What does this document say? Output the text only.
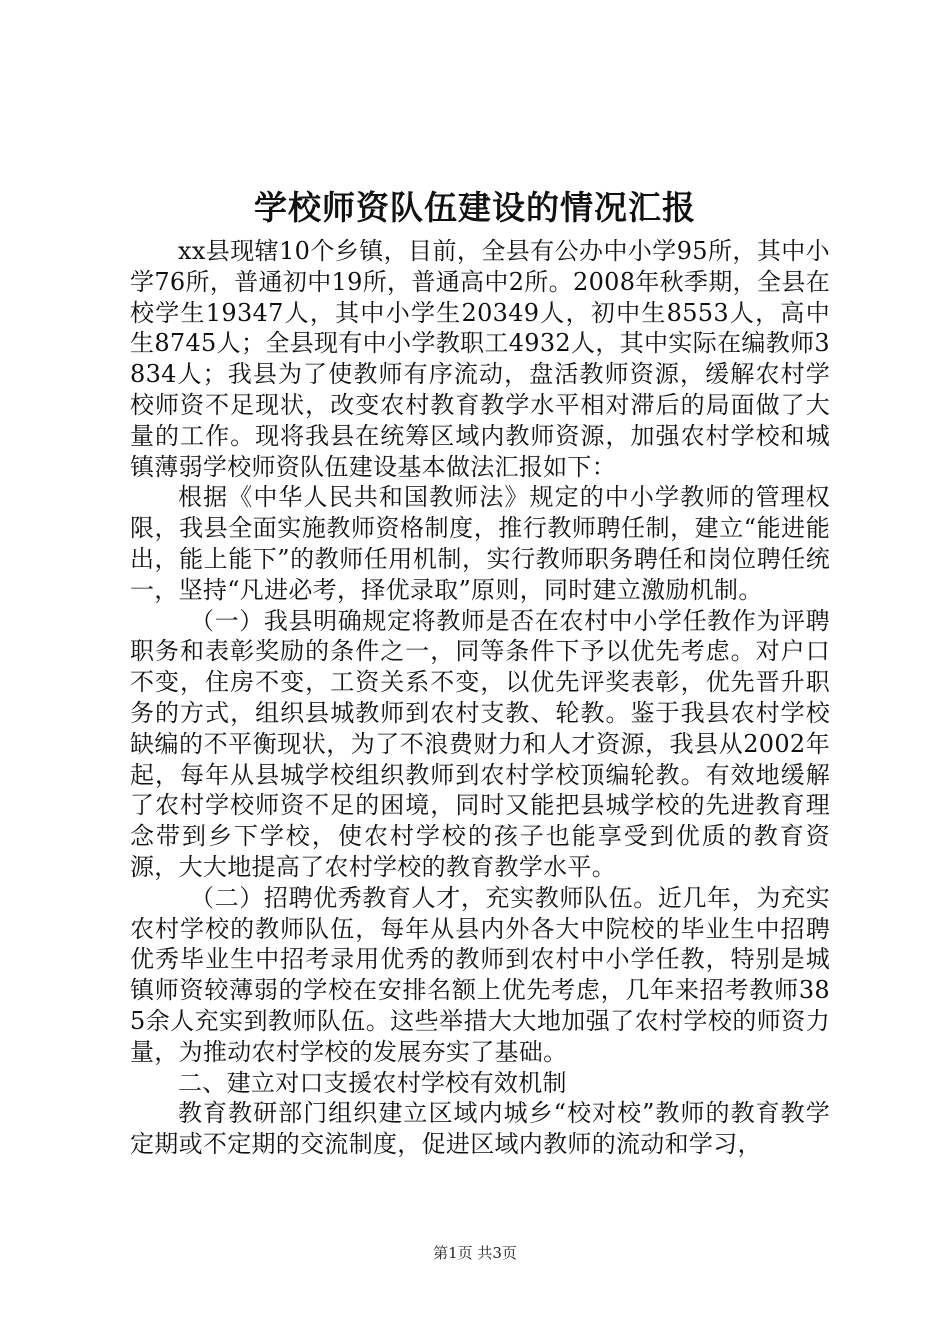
学校师资队伍建设的情况汇报

xx县现辖10个乡镇，目前，全县有公办中小学95所，其中小学76所，普通初中19所，普通高中2所。2008年秋季期，全县在校学生19347人，其中小学生20349人，初中生8553人，高中生8745人；全县现有中小学教职工4932人，其中实际在编教师3834人；我县为了使教师有序流动，盘活教师资源，缓解农村学校师资不足现状，改变农村教育教学水平相对滞后的局面做了大量的工作。现将我县在统筹区域内教师资源，加强农村学校和城镇薄弱学校师资队伍建设基本做法汇报如下：

根据《中华人民共和国教师法》规定的中小学教师的管理权限，我县全面实施教师资格制度，推行教师聘任制，建立“能进能出，能上能下”的教师任用机制，实行教师职务聘任和岗位聘任统一，坚持“凡进必考，择优录取”原则，同时建立激励机制。

（一）我县明确规定将教师是否在农村中小学任教作为评聘职务和表彰奖励的条件之一，同等条件下予以优先考虑。对户口不变，住房不变，工资关系不变，以优先评奖表彰，优先晋升职务的方式，组织县城教师到农村支教、轮教。鉴于我县农村学校缺编的不平衡现状，为了不浪费财力和人才资源，我县从2002年起，每年从县城学校组织教师到农村学校顶编轮教。有效地缓解了农村学校师资不足的困境，同时又能把县城学校的先进教育理念带到乡下学校，使农村学校的孩子也能享受到优质的教育资源，大大地提高了农村学校的教育教学水平。

（二）招聘优秀教育人才，充实教师队伍。近几年，为充实农村学校的教师队伍，每年从县内外各大中院校的毕业生中招聘优秀毕业生中招考录用优秀的教师到农村中小学任教，特别是城镇师资较薄弱的学校在安排名额上优先考虑，几年来招考教师385余人充实到教师队伍。这些举措大大地加强了农村学校的师资力量，为推动农村学校的发展夯实了基础。

二、建立对口支援农村学校有效机制

教育教研部门组织建立区域内城乡“校对校”教师的教育教学定期或不定期的交流制度，促进区域内教师的流动和学习，

第1页 共3页
